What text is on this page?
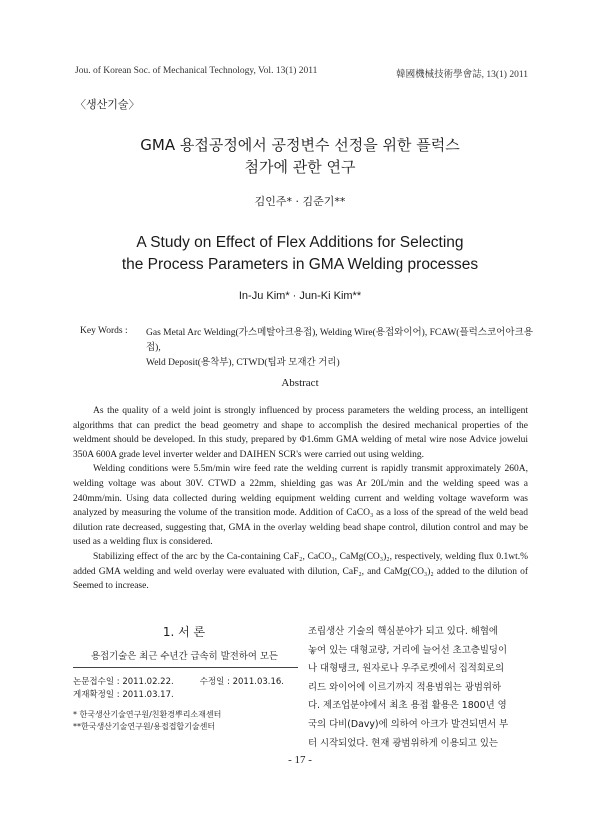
Jou. of Korean Soc. of Mechanical Technology, Vol. 13(1) 2011	韓國機械技術學會誌, 13(1) 2011
〈생산기술〉
GMA 용접공정에서 공정변수 선정을 위한 플럭스
첨가에 관한 연구
김인주* · 김준기**
A Study on Effect of Flex Additions for Selecting
the Process Parameters in GMA Welding processes
In-Ju Kim* · Jun-Ki Kim**
Key Words : Gas Metal Arc Welding(가스메탈아크용접), Welding Wire(용접와이어), FCAW(플럭스코어아크용접),
Weld Deposit(용착부), CTWD(팁과 모재간 거리)
Abstract

As the quality of a weld joint is strongly influenced by process parameters the welding process, an intelligent algorithms that can predict the bead geometry and shape to accomplish the desired mechanical properties of the weldment should be developed. In this study, prepared by Φ1.6mm GMA welding of metal wire nose Advice jowelui 350A 600A grade level inverter welder and DAIHEN SCR's were carried out using welding.

Welding conditions were 5.5m/min wire feed rate the welding current is rapidly transmit approximately 260A, welding voltage was about 30V. CTWD a 22mm, shielding gas was Ar 20L/min and the welding speed was a 240mm/min. Using data collected during welding equipment welding current and welding voltage waveform was analyzed by measuring the volume of the transition mode. Addition of CaCO₃ as a loss of the spread of the weld bead dilution rate decreased, suggesting that, GMA in the overlay welding bead shape control, dilution control and may be used as a welding flux is considered.

Stabilizing effect of the arc by the Ca-containing CaF₂, CaCO₃, CaMg(CO₃)₂, respectively, welding flux 0.1wt.% added GMA welding and weld overlay were evaluated with dilution, CaF₂, and CaMg(CO₃)₂ added to the dilution of Seemed to increase.

1. 서 론
용접기술은 최근 수년간 급속히 발전하여 모든
논문접수일 : 2011.02.22.	수정일 : 2011.03.16.
게재확정일 : 2011.03.17.
* 한국생산기술연구원/친환경뿌리소재센터
**한국생산기술연구원/용접접합기술센터
조립생산 기술의 핵심분야가 되고 있다. 해협에
놓여 있는 대형교량, 거리에 늘어선 초고층빌딩이
나 대형탱크, 원자로나 우주로켓에서 집적회로의
리드 와이어에 이르기까지 적용범위는 광범위하
다. 제조업분야에서 최초 용접 활용은 1800년 영
국의 다비(Davy)에 의하여 아크가 발견되면서 부
터 시작되었다. 현재 광범위하게 이용되고 있는
- 17 -
